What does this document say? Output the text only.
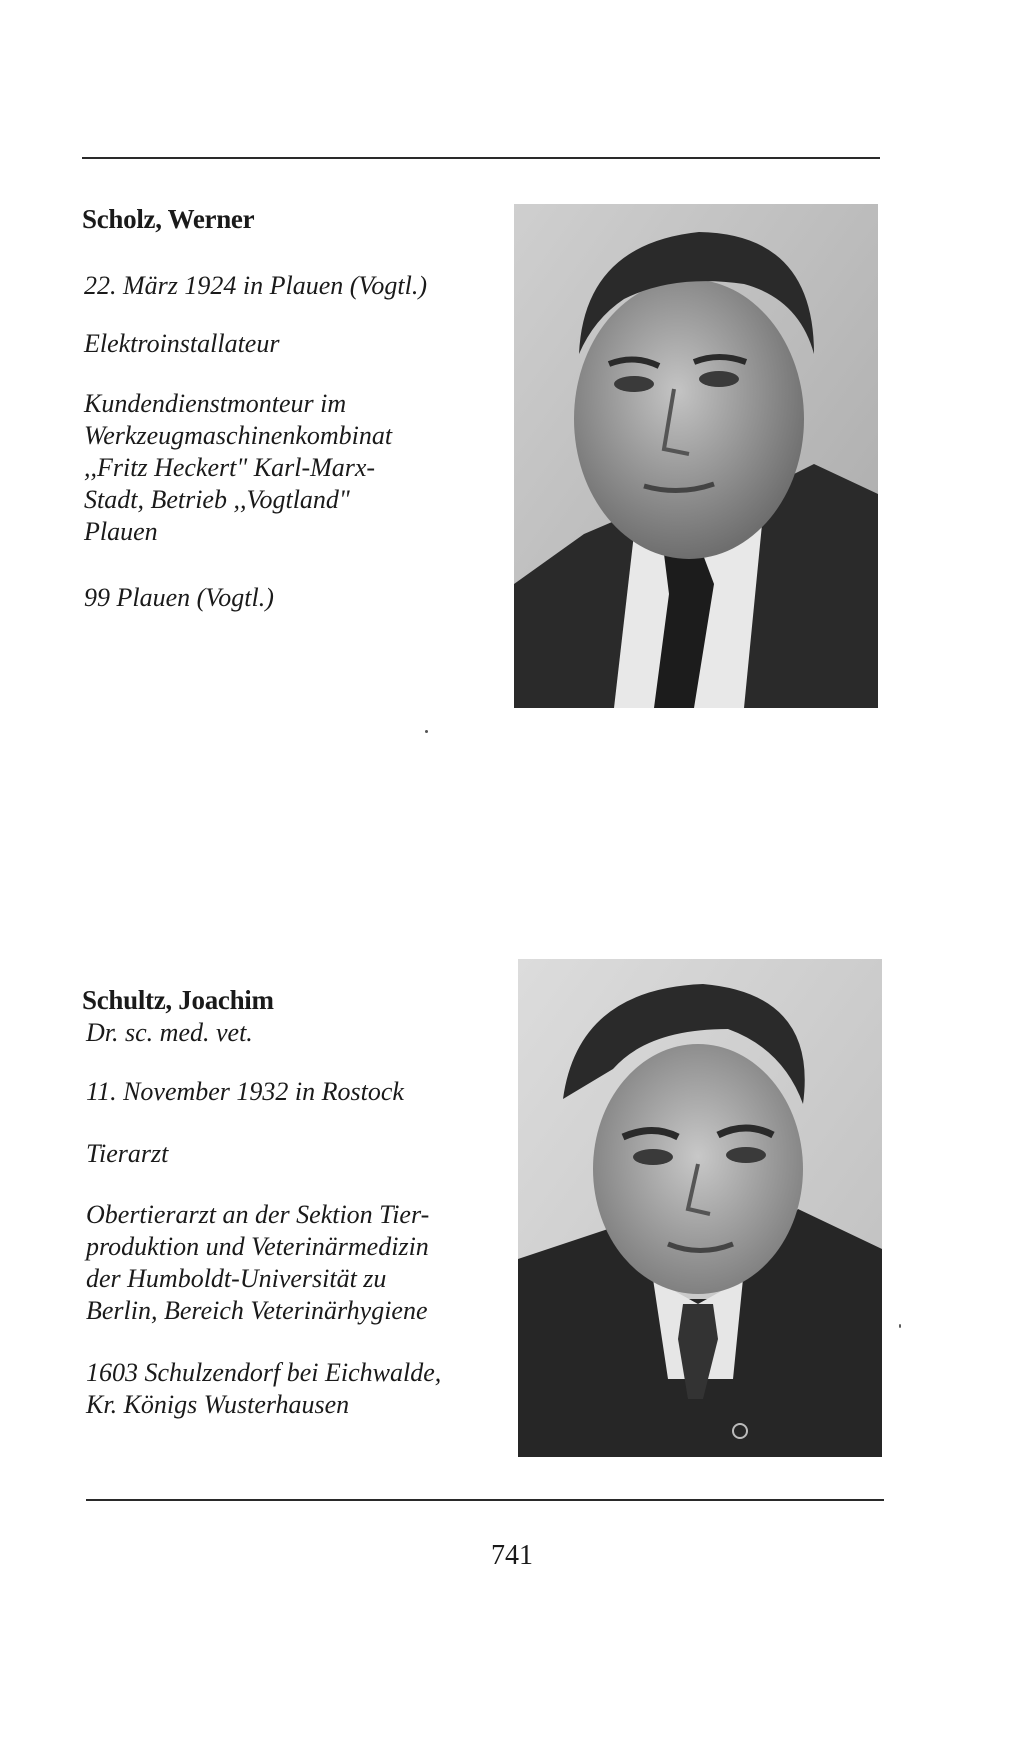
Scholz, Werner
22. März 1924 in Plauen (Vogtl.)
Elektroinstallateur
Kundendienstmonteur im
Werkzeugmaschinenkombinat
,,Fritz Heckert" Karl-Marx-
Stadt, Betrieb ,,Vogtland"
Plauen
99 Plauen (Vogtl.)
Schultz, Joachim
Dr. sc. med. vet.
11. November 1932 in Rostock
Tierarzt
Obertierarzt an der Sektion Tier-
produktion und Veterinärmedizin
der Humboldt-Universität zu
Berlin, Bereich Veterinärhygiene
1603 Schulzendorf bei Eichwalde,
Kr. Königs Wusterhausen
741
